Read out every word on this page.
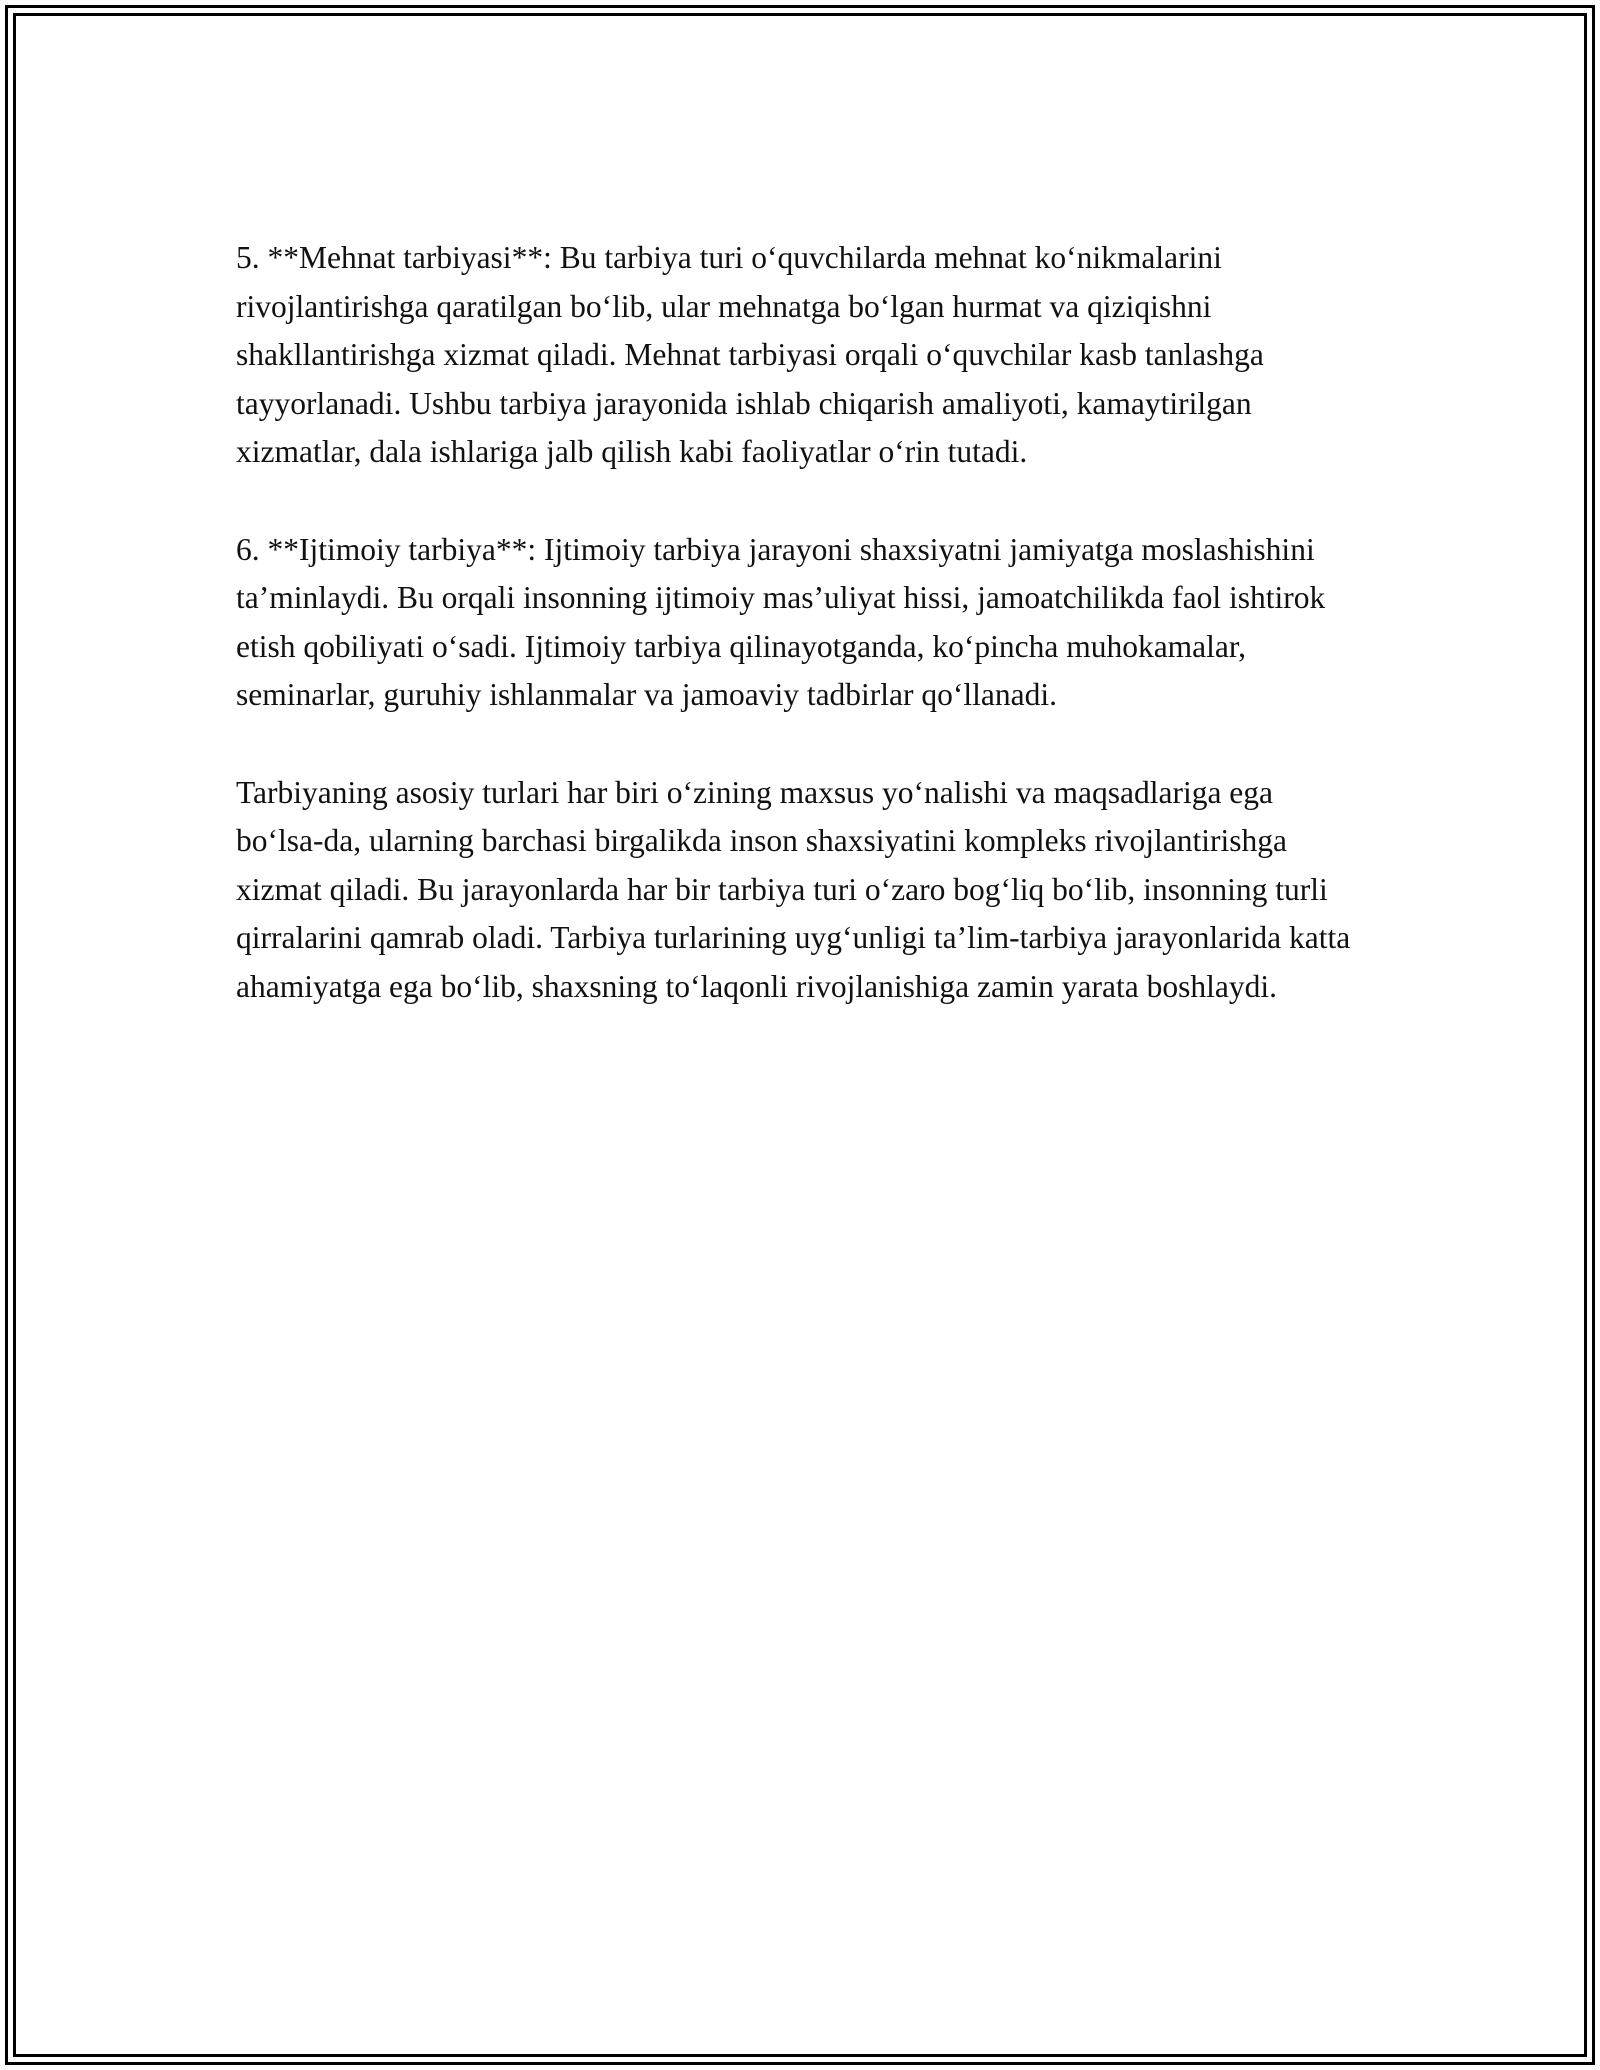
5. **Mehnat tarbiyasi**: Bu tarbiya turi o‘quvchilarda mehnat ko‘nikmalarini rivojlantirishga qaratilgan bo‘lib, ular mehnatga bo‘lgan hurmat va qiziqishni shakllantirishga xizmat qiladi. Mehnat tarbiyasi orqali o‘quvchilar kasb tanlashga tayyorlanadi. Ushbu tarbiya jarayonida ishlab chiqarish amaliyoti, kamaytirilgan xizmatlar, dala ishlariga jalb qilish kabi faoliyatlar o‘rin tutadi.

6. **Ijtimoiy tarbiya**: Ijtimoiy tarbiya jarayoni shaxsiyatni jamiyatga moslashishini ta’minlaydi. Bu orqali insonning ijtimoiy mas’uliyat hissi, jamoatchilikda faol ishtirok etish qobiliyati o‘sadi. Ijtimoiy tarbiya qilinayotganda, ko‘pincha muhokamalar, seminarlar, guruhiy ishlanmalar va jamoaviy tadbirlar qo‘llanadi.

Tarbiyaning asosiy turlari har biri o‘zining maxsus yo‘nalishi va maqsadlariga ega bo‘lsa-da, ularning barchasi birgalikda inson shaxsiyatini kompleks rivojlantirishga xizmat qiladi. Bu jarayonlarda har bir tarbiya turi o‘zaro bog‘liq bo‘lib, insonning turli qirralarini qamrab oladi. Tarbiya turlarining uyg‘unligi ta’lim-tarbiya jarayonlarida katta ahamiyatga ega bo‘lib, shaxsning to‘laqonli rivojlanishiga zamin yarata boshlaydi.
